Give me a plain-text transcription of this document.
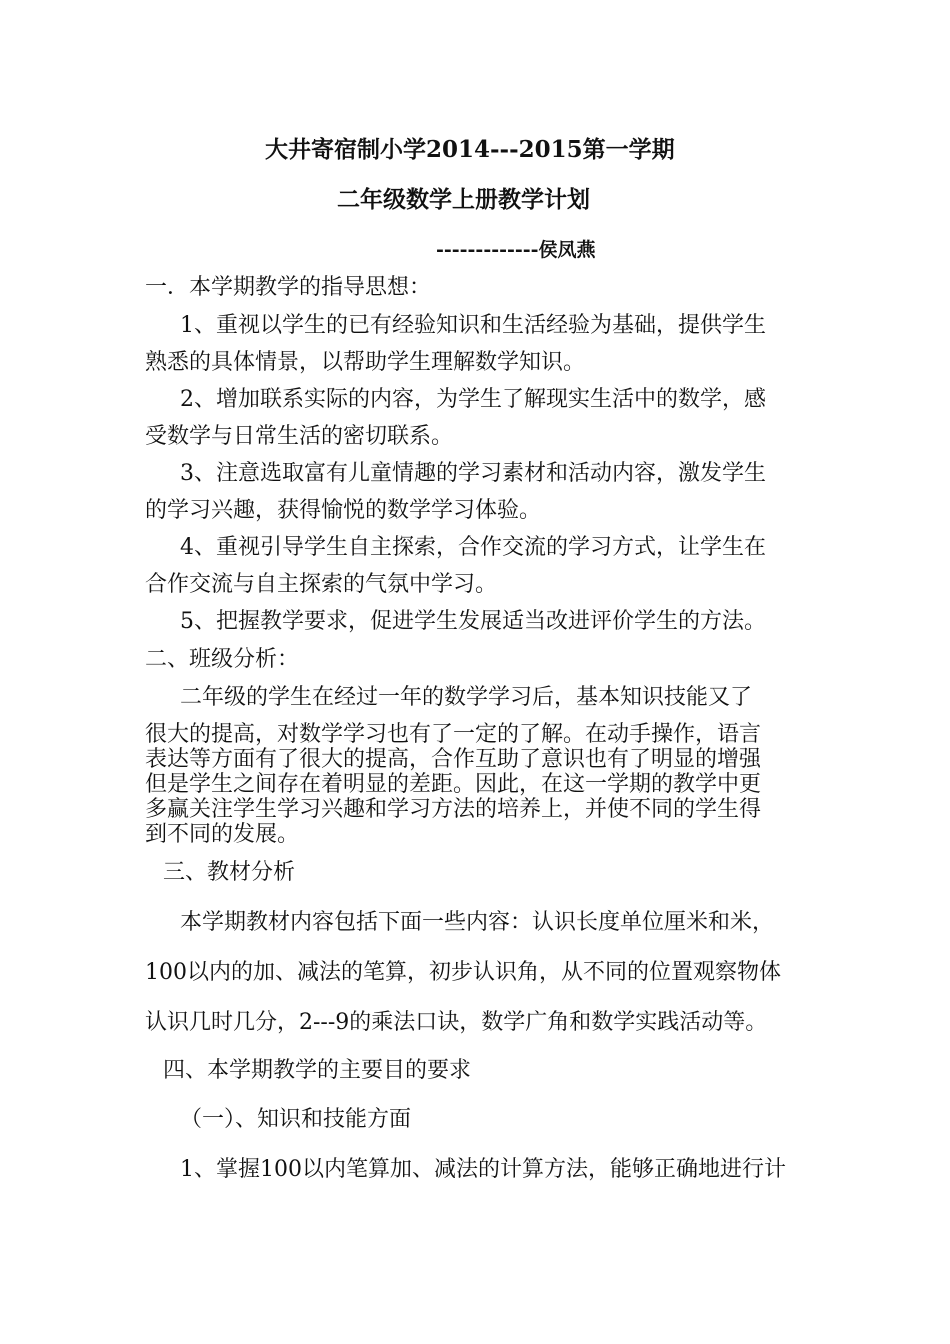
大井寄宿制小学2014---2015第一学期
二年级数学上册教学计划
-------------侯凤燕
一．本学期教学的指导思想：
1、重视以学生的已有经验知识和生活经验为基础，提供学生
熟悉的具体情景，以帮助学生理解数学知识。
2、增加联系实际的内容，为学生了解现实生活中的数学，感
受数学与日常生活的密切联系。
3、注意选取富有儿童情趣的学习素材和活动内容，激发学生
的学习兴趣，获得愉悦的数学学习体验。
4、重视引导学生自主探索，合作交流的学习方式，让学生在
合作交流与自主探索的气氛中学习。
5、把握教学要求，促进学生发展适当改进评价学生的方法。
二、班级分析：
二年级的学生在经过一年的数学学习后，基本知识技能又了
很大的提高，对数学学习也有了一定的了解。在动手操作，语言
表达等方面有了很大的提高，合作互助了意识也有了明显的增强
但是学生之间存在着明显的差距。因此，在这一学期的教学中更
多赢关注学生学习兴趣和学习方法的培养上，并使不同的学生得
到不同的发展。
三、教材分析
本学期教材内容包括下面一些内容：认识长度单位厘米和米，
100以内的加、减法的笔算，初步认识角，从不同的位置观察物体
认识几时几分，2---9的乘法口诀，数学广角和数学实践活动等。
四、本学期教学的主要目的要求
（一）、知识和技能方面
1、掌握100以内笔算加、减法的计算方法，能够正确地进行计
